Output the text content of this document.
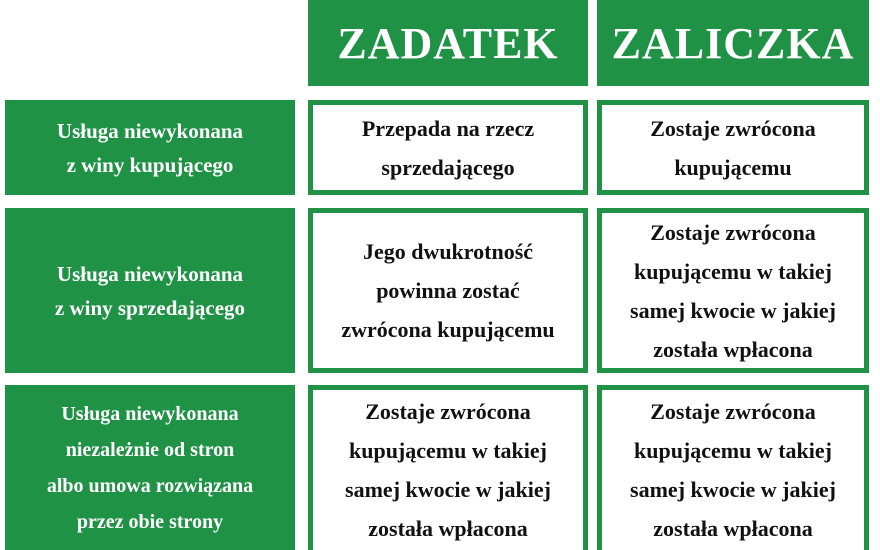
ZADATEK ZALICZKA
Usługa niewykonana
z winy kupującego
Przepada na rzecz
sprzedającego
Zostaje zwrócona
kupującemu
Usługa niewykonana
z winy sprzedającego
Jego dwukrotność
powinna zostać
zwrócona kupującemu
Zostaje zwrócona
kupującemu w takiej
samej kwocie w jakiej
została wpłacona
Usługa niewykonana
niezależnie od stron
albo umowa rozwiązana
przez obie strony
Zostaje zwrócona
kupującemu w takiej
samej kwocie w jakiej
została wpłacona
Zostaje zwrócona
kupującemu w takiej
samej kwocie w jakiej
została wpłacona
